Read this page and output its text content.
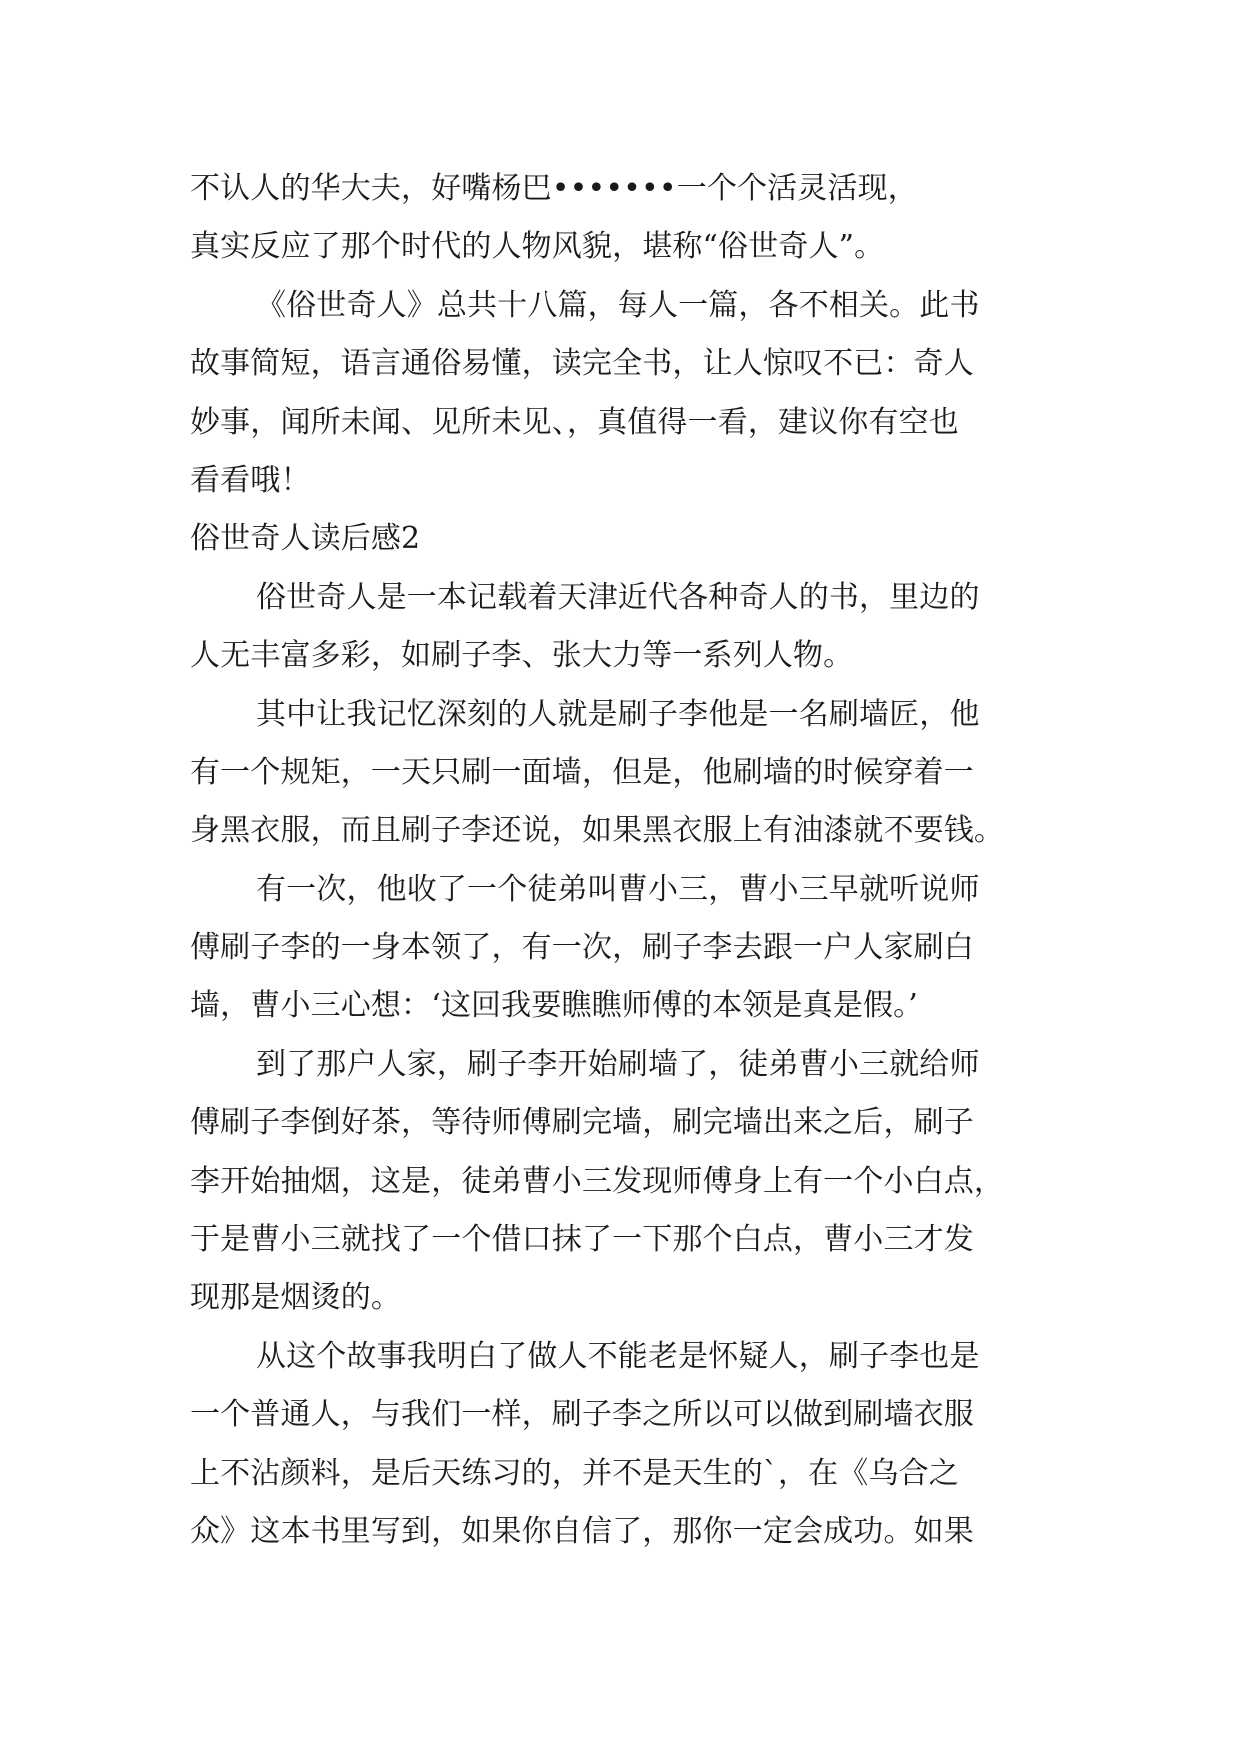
不认人的华大夫，好嘴杨巴•••••••一个个活灵活现，
真实反应了那个时代的人物风貌，堪称“俗世奇人”。
《俗世奇人》总共十八篇，每人一篇，各不相关。此书
故事简短，语言通俗易懂，读完全书，让人惊叹不已：奇人
妙事，闻所未闻、见所未见、，真值得一看，建议你有空也
看看哦！
俗世奇人读后感2
俗世奇人是一本记载着天津近代各种奇人的书，里边的
人无丰富多彩，如刷子李、张大力等一系列人物。
其中让我记忆深刻的人就是刷子李他是一名刷墙匠，他
有一个规矩，一天只刷一面墙，但是，他刷墙的时候穿着一
身黑衣服，而且刷子李还说，如果黑衣服上有油漆就不要钱。
有一次，他收了一个徒弟叫曹小三，曹小三早就听说师
傅刷子李的一身本领了，有一次，刷子李去跟一户人家刷白
墙，曹小三心想：‘这回我要瞧瞧师傅的本领是真是假。’
到了那户人家，刷子李开始刷墙了，徒弟曹小三就给师
傅刷子李倒好茶，等待师傅刷完墙，刷完墙出来之后，刷子
李开始抽烟，这是，徒弟曹小三发现师傅身上有一个小白点，
于是曹小三就找了一个借口抹了一下那个白点，曹小三才发
现那是烟烫的。
从这个故事我明白了做人不能老是怀疑人，刷子李也是
一个普通人，与我们一样，刷子李之所以可以做到刷墙衣服
上不沾颜料，是后天练习的，并不是天生的`，在《乌合之
众》这本书里写到，如果你自信了，那你一定会成功。如果
